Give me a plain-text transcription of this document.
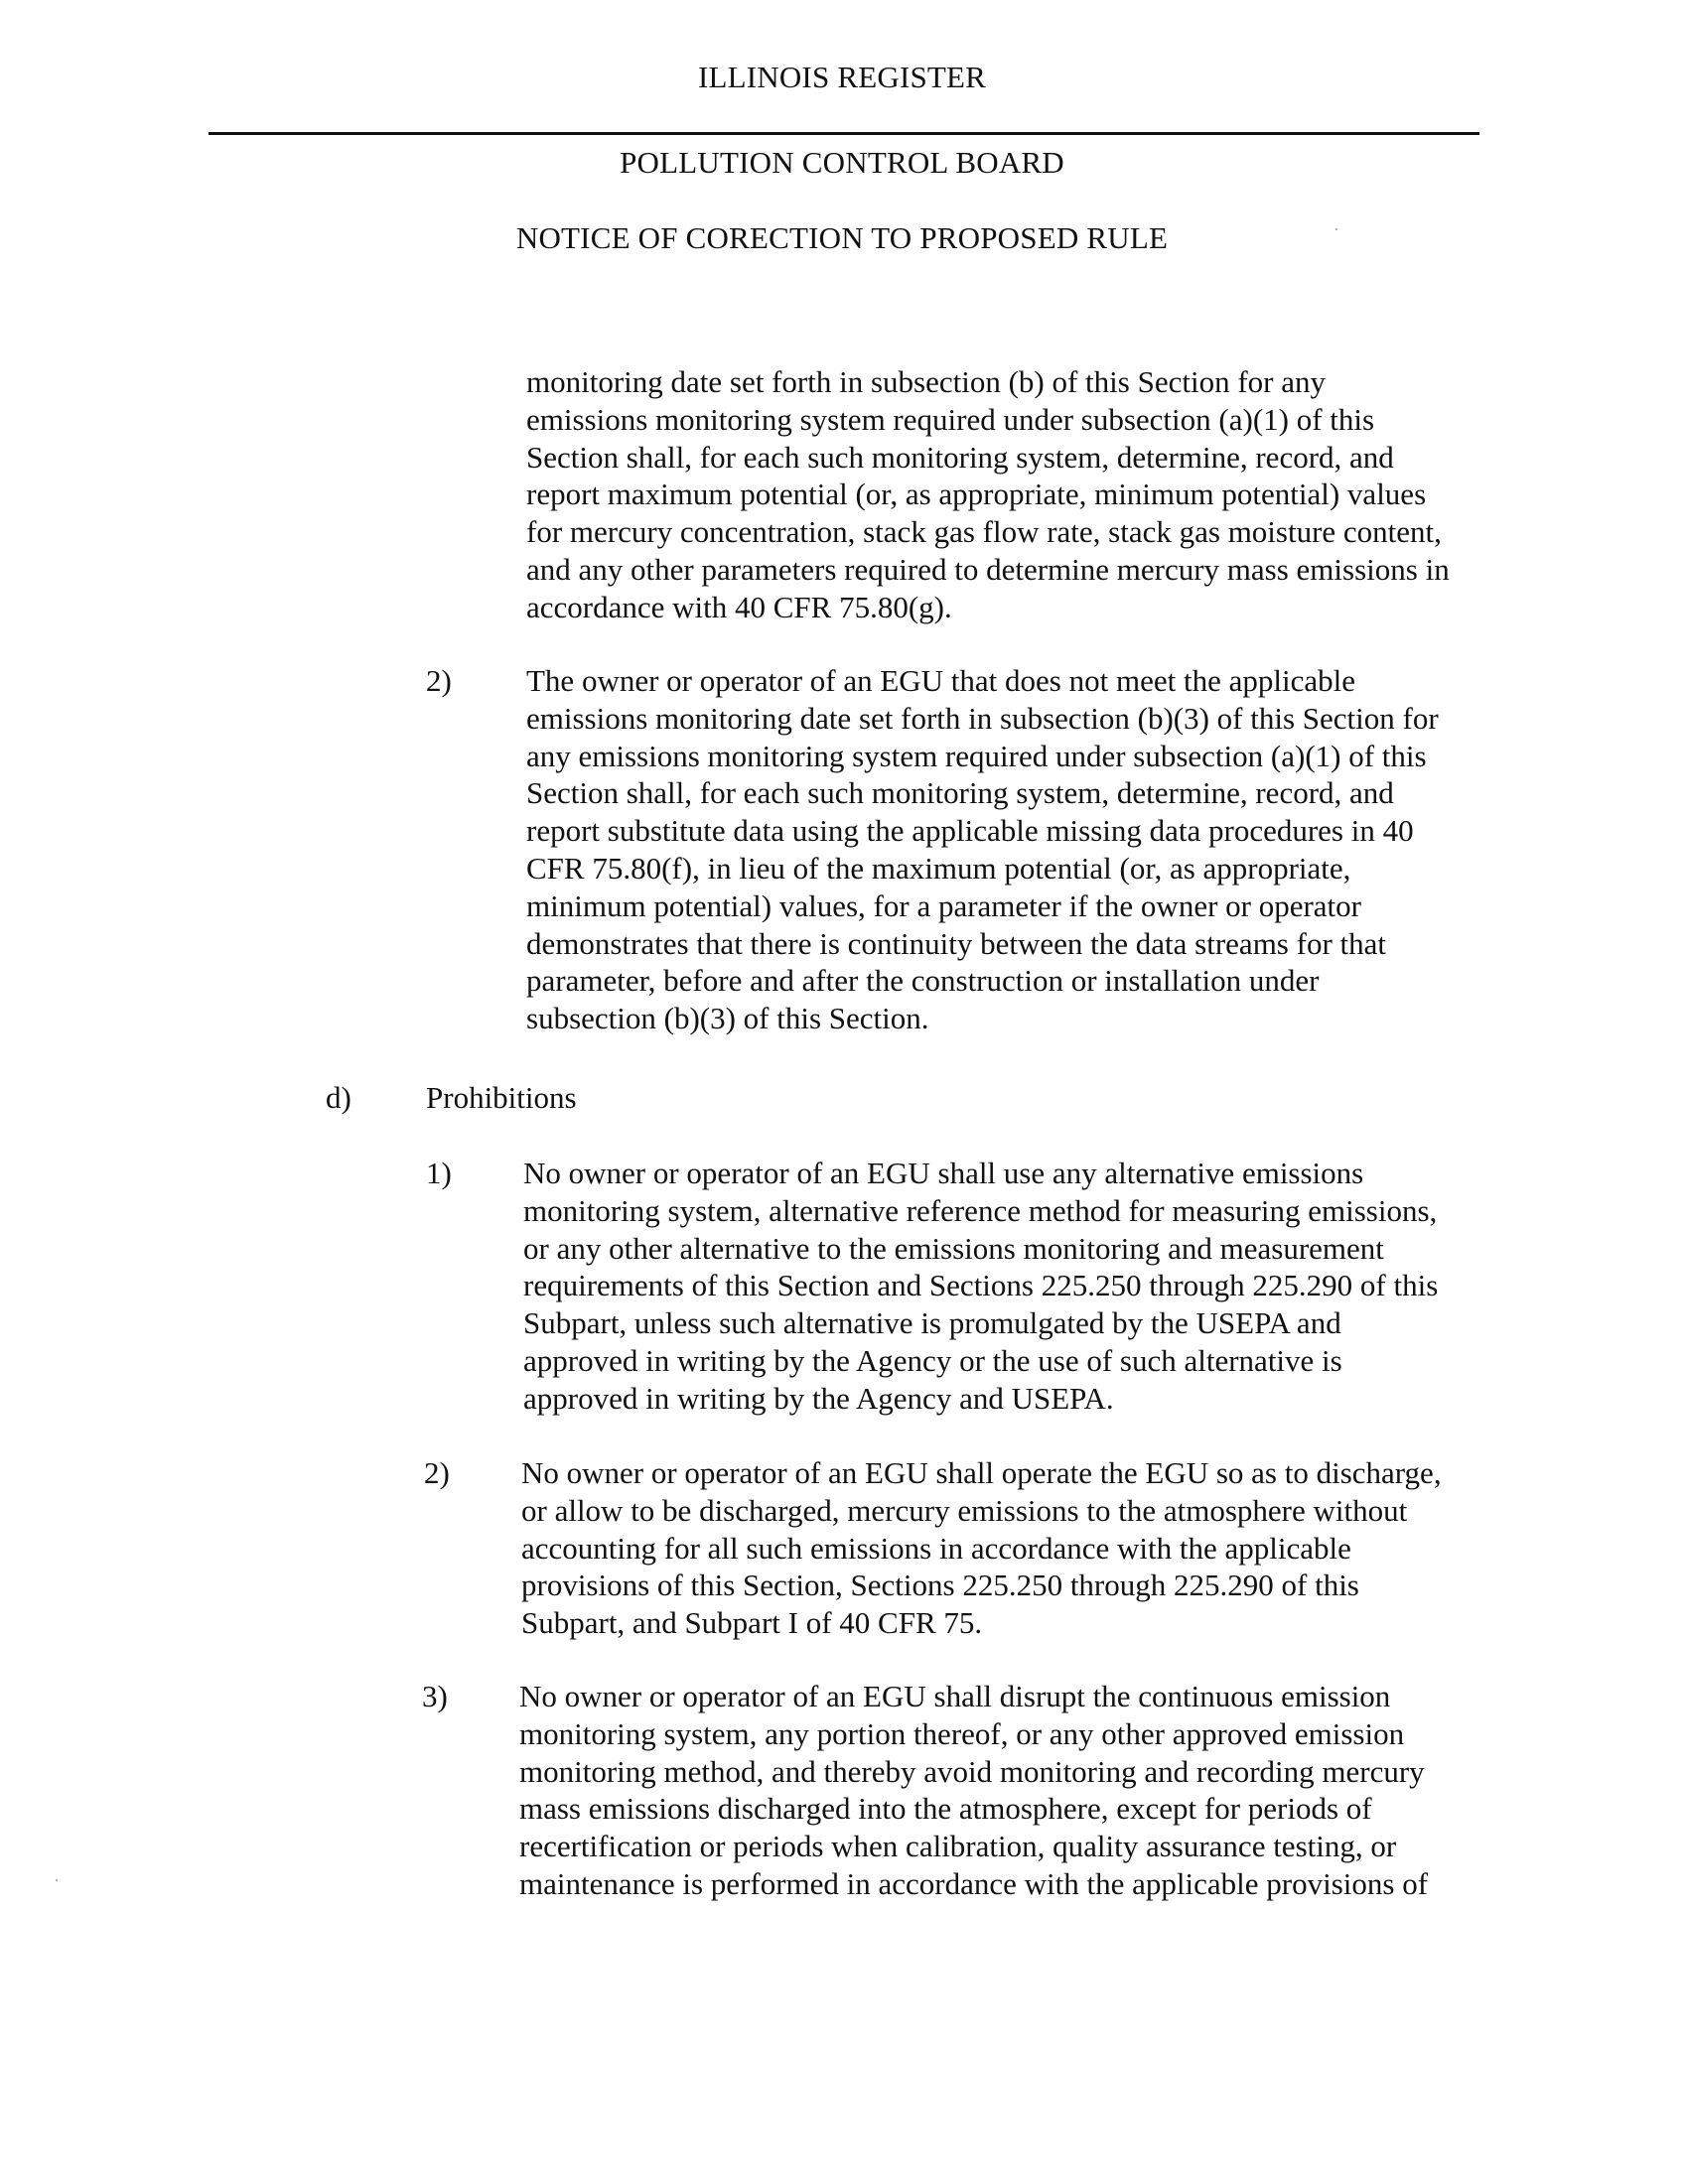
ILLINOIS REGISTER
POLLUTION CONTROL BOARD
NOTICE OF CORECTION TO PROPOSED RULE
monitoring date set forth in subsection (b) of this Section for any
emissions monitoring system required under subsection (a)(1) of this
Section shall, for each such monitoring system, determine, record, and
report maximum potential (or, as appropriate, minimum potential) values
for mercury concentration, stack gas flow rate, stack gas moisture content,
and any other parameters required to determine mercury mass emissions in
accordance with 40 CFR 75.80(g).
2) The owner or operator of an EGU that does not meet the applicable
emissions monitoring date set forth in subsection (b)(3) of this Section for
any emissions monitoring system required under subsection (a)(1) of this
Section shall, for each such monitoring system, determine, record, and
report substitute data using the applicable missing data procedures in 40
CFR 75.80(f), in lieu of the maximum potential (or, as appropriate,
minimum potential) values, for a parameter if the owner or operator
demonstrates that there is continuity between the data streams for that
parameter, before and after the construction or installation under
subsection (b)(3) of this Section.
d) Prohibitions
1) No owner or operator of an EGU shall use any alternative emissions
monitoring system, alternative reference method for measuring emissions,
or any other alternative to the emissions monitoring and measurement
requirements of this Section and Sections 225.250 through 225.290 of this
Subpart, unless such alternative is promulgated by the USEPA and
approved in writing by the Agency or the use of such alternative is
approved in writing by the Agency and USEPA.
2) No owner or operator of an EGU shall operate the EGU so as to discharge,
or allow to be discharged, mercury emissions to the atmosphere without
accounting for all such emissions in accordance with the applicable
provisions of this Section, Sections 225.250 through 225.290 of this
Subpart, and Subpart I of 40 CFR 75.
3) No owner or operator of an EGU shall disrupt the continuous emission
monitoring system, any portion thereof, or any other approved emission
monitoring method, and thereby avoid monitoring and recording mercury
mass emissions discharged into the atmosphere, except for periods of
recertification or periods when calibration, quality assurance testing, or
maintenance is performed in accordance with the applicable provisions of
